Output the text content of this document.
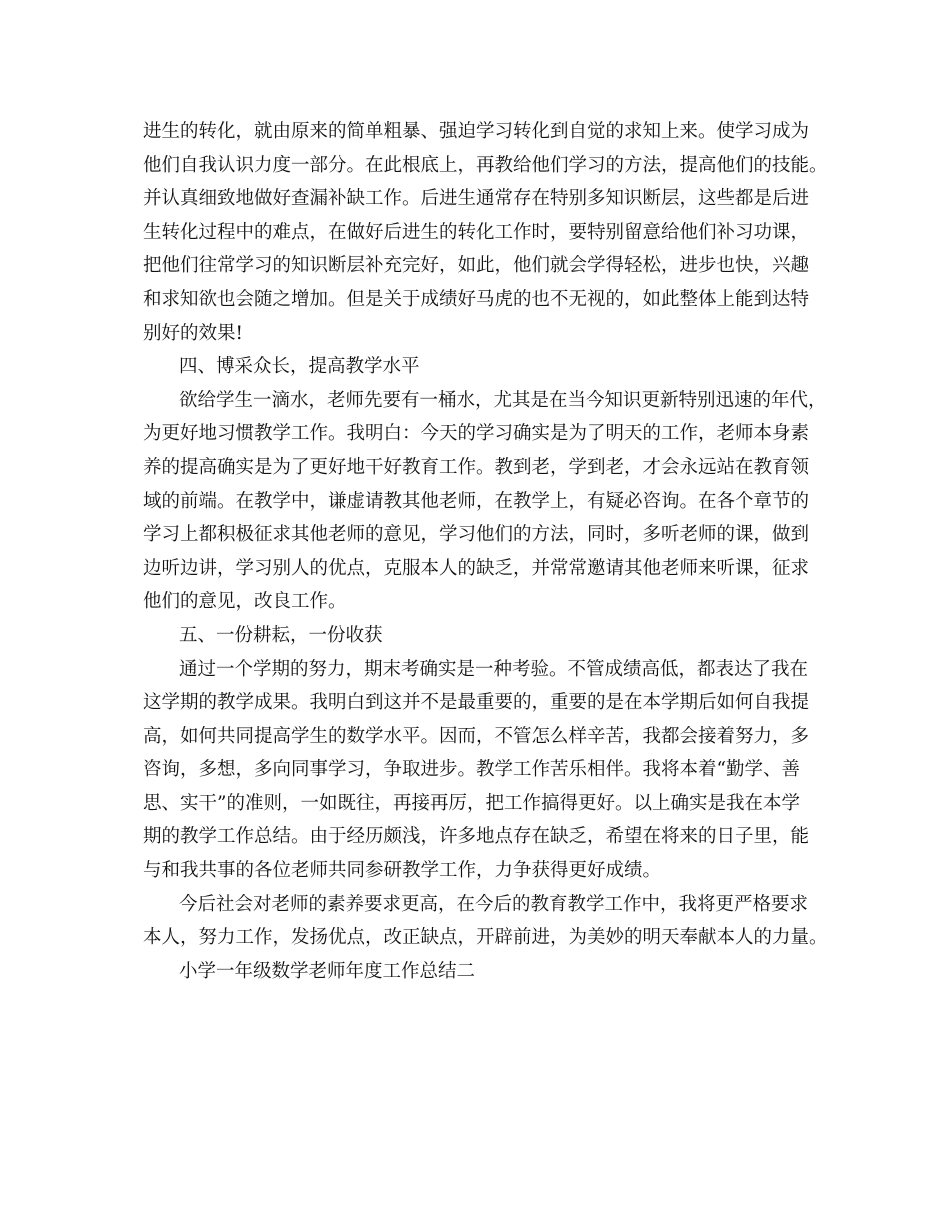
进生的转化，就由原来的简单粗暴、强迫学习转化到自觉的求知上来。使学习成为
他们自我认识力度一部分。在此根底上，再教给他们学习的方法，提高他们的技能。
并认真细致地做好查漏补缺工作。后进生通常存在特别多知识断层，这些都是后进
生转化过程中的难点，在做好后进生的转化工作时，要特别留意给他们补习功课，
把他们往常学习的知识断层补充完好，如此，他们就会学得轻松，进步也快，兴趣
和求知欲也会随之增加。但是关于成绩好马虎的也不无视的，如此整体上能到达特
别好的效果!
四、博采众长，提高教学水平
欲给学生一滴水，老师先要有一桶水，尤其是在当今知识更新特别迅速的年代，
为更好地习惯教学工作。我明白：今天的学习确实是为了明天的工作，老师本身素
养的提高确实是为了更好地干好教育工作。教到老，学到老，才会永远站在教育领
域的前端。在教学中，谦虚请教其他老师，在教学上，有疑必咨询。在各个章节的
学习上都积极征求其他老师的意见，学习他们的方法，同时，多听老师的课，做到
边听边讲，学习别人的优点，克服本人的缺乏，并常常邀请其他老师来听课，征求
他们的意见，改良工作。
五、一份耕耘，一份收获
通过一个学期的努力，期末考确实是一种考验。不管成绩高低，都表达了我在
这学期的教学成果。我明白到这并不是最重要的，重要的是在本学期后如何自我提
高，如何共同提高学生的数学水平。因而，不管怎么样辛苦，我都会接着努力，多
咨询，多想，多向同事学习，争取进步。教学工作苦乐相伴。我将本着“勤学、善
思、实干”的准则，一如既往，再接再厉，把工作搞得更好。以上确实是我在本学
期的教学工作总结。由于经历颇浅，许多地点存在缺乏，希望在将来的日子里，能
与和我共事的各位老师共同参研教学工作，力争获得更好成绩。
今后社会对老师的素养要求更高，在今后的教育教学工作中，我将更严格要求
本人，努力工作，发扬优点，改正缺点，开辟前进，为美妙的明天奉献本人的力量。
小学一年级数学老师年度工作总结二
